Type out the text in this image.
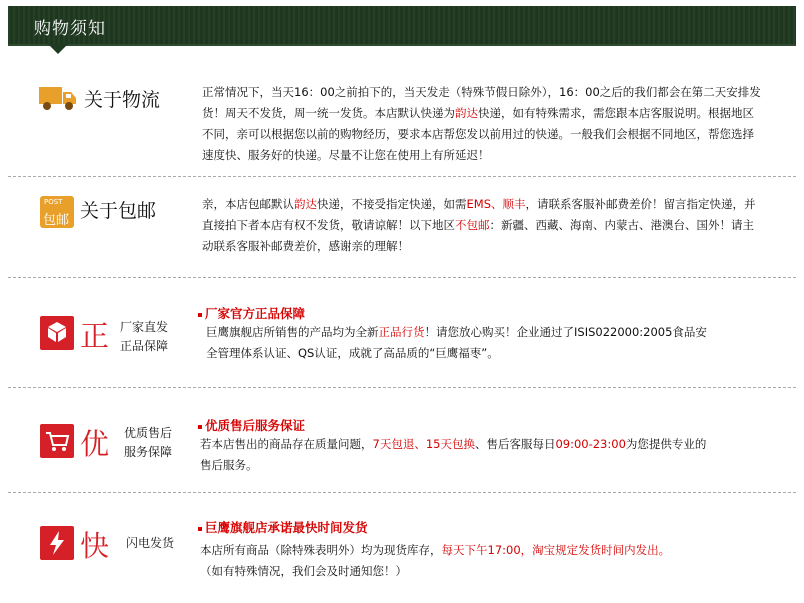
购物须知
关于物流	正常情况下，当天16：00之前拍下的，当天发走（特殊节假日除外），16：00之后的我们都会在第二天安排发
货！周天不发货，周一统一发货。本店默认快递为韵达快递，如有特殊需求，需您跟本店客服说明。根据地区
不同，亲可以根据您以前的购物经历，要求本店帮您发以前用过的快递。一般我们会根据不同地区，帮您选择
速度快、服务好的快递。尽量不让您在使用上有所延迟！
POST
包邮 关于包邮	亲，本店包邮默认韵达快递，不接受指定快递，如需EMS、顺丰，请联系客服补邮费差价！留言指定快递，并
直接拍下者本店有权不发货，敬请谅解！以下地区不包邮：新疆、西藏、海南、内蒙古、港澳台、国外！请主
动联系客服补邮费差价，感谢亲的理解！
正 厂家直发
正品保障
厂家官方正品保障
巨鹰旗舰店所销售的产品均为全新正品行货！请您放心购买！企业通过了ISIS022000:2005食品安
全管理体系认证、QS认证，成就了高品质的“巨鹰福枣”。
优 优质售后
服务保障
优质售后服务保证
若本店售出的商品存在质量问题，7天包退、15天包换、售后客服每日09:00-23:00为您提供专业的
售后服务。
快 闪电发货
巨鹰旗舰店承诺最快时间发货
本店所有商品（除特殊表明外）均为现货库存，每天下午17:00，淘宝规定发货时间内发出。
（如有特殊情况，我们会及时通知您！）
